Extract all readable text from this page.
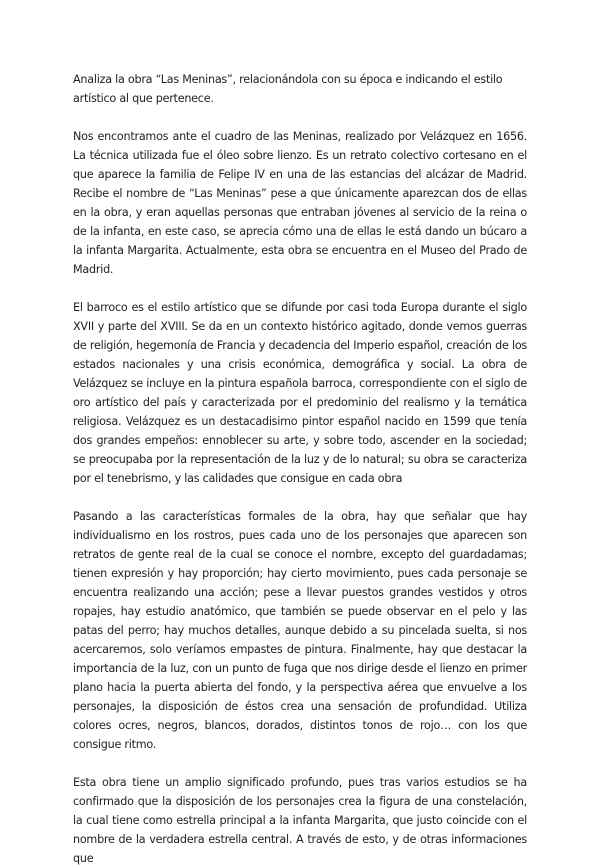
Analiza la obra “Las Meninas”, relacionándola con su época e indicando el estilo artístico al que pertenece.

Nos encontramos ante el cuadro de las Meninas, realizado por Velázquez en 1656. La técnica utilizada fue el óleo sobre lienzo. Es un retrato colectivo cortesano en el que aparece la familia de Felipe IV en una de las estancias del alcázar de Madrid. Recibe el nombre de “Las Meninas” pese a que únicamente aparezcan dos de ellas en la obra, y eran aquellas personas que entraban jóvenes al servicio de la reina o de la infanta, en este caso, se aprecia cómo una de ellas le está dando un búcaro a la infanta Margarita. Actualmente, esta obra se encuentra en el Museo del Prado de Madrid.

El barroco es el estilo artístico que se difunde por casi toda Europa durante el siglo XVII y parte del XVIII. Se da en un contexto histórico agitado, donde vemos guerras de religión, hegemonía de Francia y decadencia del Imperio español, creación de los estados nacionales y una crisis económica, demográfica y social. La obra de Velázquez se incluye en la pintura española barroca, correspondiente con el siglo de oro artístico del país y caracterizada por el predominio del realismo y la temática religiosa. Velázquez es un destacadisimo pintor español nacido en 1599 que tenía dos grandes empeños: ennoblecer su arte, y sobre todo, ascender en la sociedad; se preocupaba por la representación de la luz y de lo natural; su obra se caracteriza por el tenebrismo, y las calidades que consigue en cada obra

Pasando a las características formales de la obra, hay que señalar que hay individualismo en los rostros, pues cada uno de los personajes que aparecen son retratos de gente real de la cual se conoce el nombre, excepto del guardadamas; tienen expresión y hay proporción; hay cierto movimiento, pues cada personaje se encuentra realizando una acción; pese a llevar puestos grandes vestidos y otros ropajes, hay estudio anatómico, que también se puede observar en el pelo y las patas del perro; hay muchos detalles, aunque debido a su pincelada suelta, si nos acercaremos, solo veríamos empastes de pintura. Finalmente, hay que destacar la importancia de la luz, con un punto de fuga que nos dirige desde el lienzo en primer plano hacia la puerta abierta del fondo, y la perspectiva aérea que envuelve a los personajes, la disposición de éstos crea una sensación de profundidad. Utiliza colores ocres, negros, blancos, dorados, distintos tonos de rojo… con los que consigue ritmo.

Esta obra tiene un amplio significado profundo, pues tras varios estudios se ha confirmado que la disposición de los personajes crea la figura de una constelación, la cual tiene como estrella principal a la infanta Margarita, que justo coincide con el nombre de la verdadera estrella central. A través de esto, y de otras informaciones que
